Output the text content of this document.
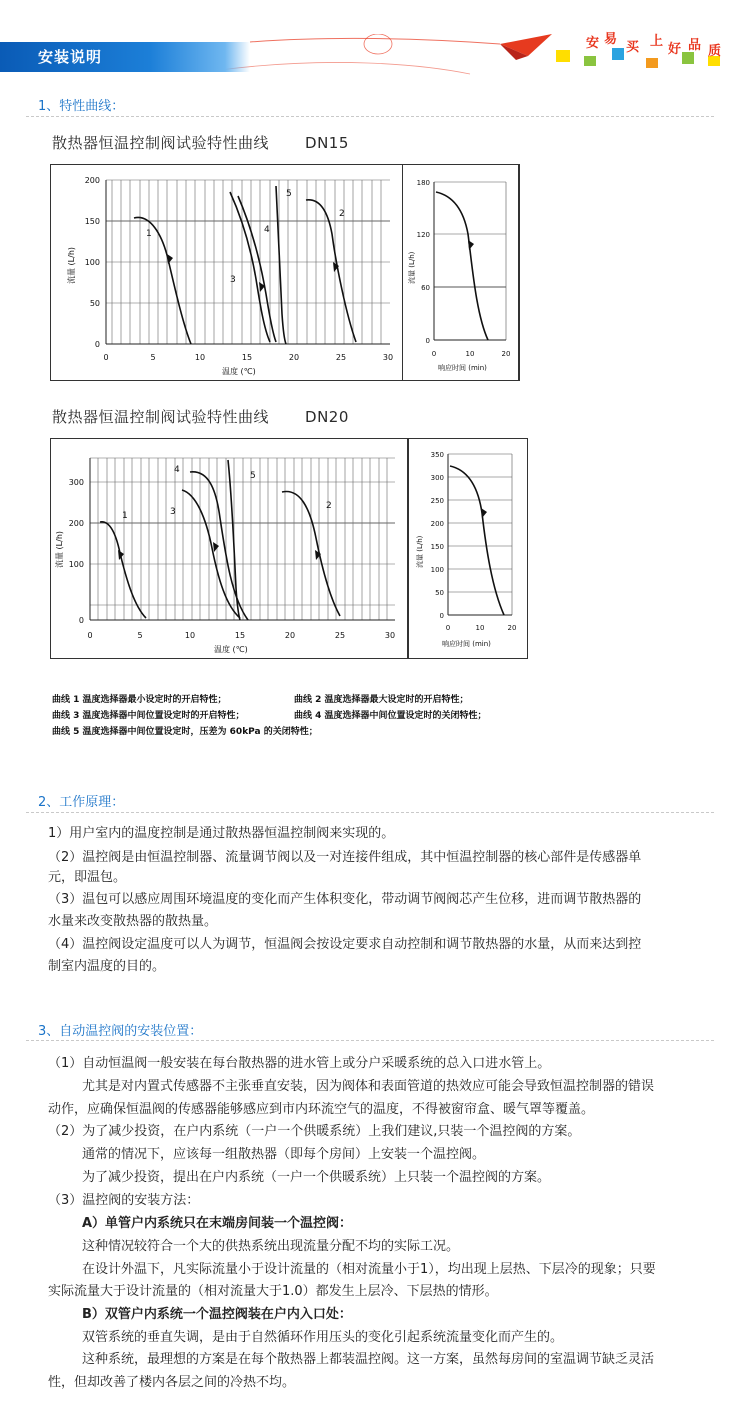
安装说明
安 易
买 上
好 品 质
1、特性曲线：
散热器恒温控制阀试验特性曲线 DN15
1
2
3
4
5
200
150
100
50
0
0	5	10	15	20	25	30
流量 (L/h)
温度 (℃)
180
120
60
0
0	10	20
流量 (L/h)
响应时间 (min)
散热器恒温控制阀试验特性曲线 DN20
1
2
3
4
5
300
200
100
0
0	5	10	15	20	25	30
流量 (L/h)
温度 (℃)
350
300
250
200
150
100
50
0
0	10	20
流量 (L/h)
响应时间 (min)
曲线 1 温度选择器最小设定时的开启特性；	曲线 2 温度选择器最大设定时的开启特性；
曲线 3 温度选择器中间位置设定时的开启特性；	曲线 4 温度选择器中间位置设定时的关闭特性；
曲线 5 温度选择器中间位置设定时，压差为 60kPa 的关闭特性；
2、工作原理：
1）用户室内的温度控制是通过散热器恒温控制阀来实现的。
（2）温控阀是由恒温控制器、流量调节阀以及一对连接件组成，其中恒温控制器的核心部件是传感器单
元，即温包。
（3）温包可以感应周围环境温度的变化而产生体积变化，带动调节阀阀芯产生位移，进而调节散热器的
水量来改变散热器的散热量。
（4）温控阀设定温度可以人为调节，恒温阀会按设定要求自动控制和调节散热器的水量，从而来达到控
制室内温度的目的。
3、自动温控阀的安装位置：
（1）自动恒温阀一般安装在每台散热器的进水管上或分户采暖系统的总入口进水管上。
尤其是对内置式传感器不主张垂直安装，因为阀体和表面管道的热效应可能会导致恒温控制器的错误
动作，应确保恒温阀的传感器能够感应到市内环流空气的温度，不得被窗帘盒、暖气罩等覆盖。
（2）为了减少投资，在户内系统（一户一个供暖系统）上我们建议,只装一个温控阀的方案。
通常的情况下，应该每一组散热器（即每个房间）上安装一个温控阀。
为了减少投资，提出在户内系统（一户一个供暖系统）上只装一个温控阀的方案。
（3）温控阀的安装方法：
A）单管户内系统只在末端房间装一个温控阀：
这种情况较符合一个大的供热系统出现流量分配不均的实际工况。
在设计外温下，凡实际流量小于设计流量的（相对流量小于1），均出现上层热、下层冷的现象；只要
实际流量大于设计流量的（相对流量大于1.0）都发生上层冷、下层热的情形。
B）双管户内系统一个温控阀装在户内入口处：
双管系统的垂直失调，是由于自然循环作用压头的变化引起系统流量变化而产生的。
这种系统，最理想的方案是在每个散热器上都装温控阀。这一方案，虽然每房间的室温调节缺乏灵活
性，但却改善了楼内各层之间的冷热不均。
